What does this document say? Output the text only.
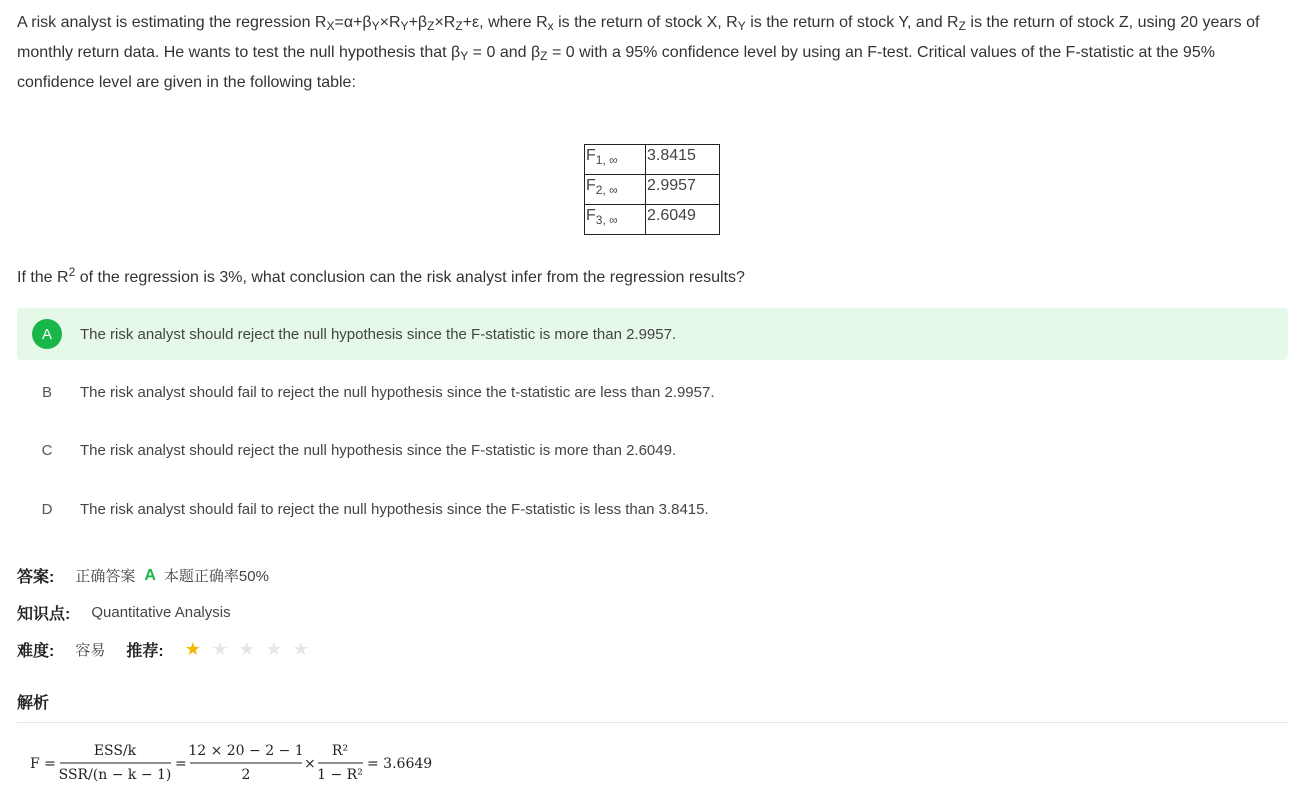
A risk analyst is estimating the regression $R_X=\alpha+\beta_Y\times R_Y+\beta_Z\times R_Z+\varepsilon$, where $R_x$ is the return of stock X, $R_Y$ is the return of stock Y, and $R_Z$ is the return of stock Z, using 20 years of monthly return data. He wants to test the null hypothesis that $\beta_Y = 0$ and $\beta_Z = 0$ with a 95% confidence level by using an F-test. Critical values of the F-statistic at the 95% confidence level are given in the following table:
$F_{1, \infty}$	3.8415
$F_{2, \infty}$	2.9957
$F_{3, \infty}$	2.6049
If the $R^2$ of the regression is 3%, what conclusion can the risk analyst infer from the regression results?
A	The risk analyst should reject the null hypothesis since the F-statistic is more than 2.9957.
B	The risk analyst should fail to reject the null hypothesis since the t-statistic are less than 2.9957.
C	The risk analyst should reject the null hypothesis since the F-statistic is more than 2.6049.
D	The risk analyst should fail to reject the null hypothesis since the F-statistic is less than 3.8415.
答案: 正确答案 A 本题正确率50%
知识点: Quantitative Analysis
难度: 容易 推荐: ★ ★ ★ ★ ★
解析
F =
ESS/k
SSR/(n − k − 1)
=
12 × 20 − 2 − 1
2
×
R²
1 − R²
= 3.6649
